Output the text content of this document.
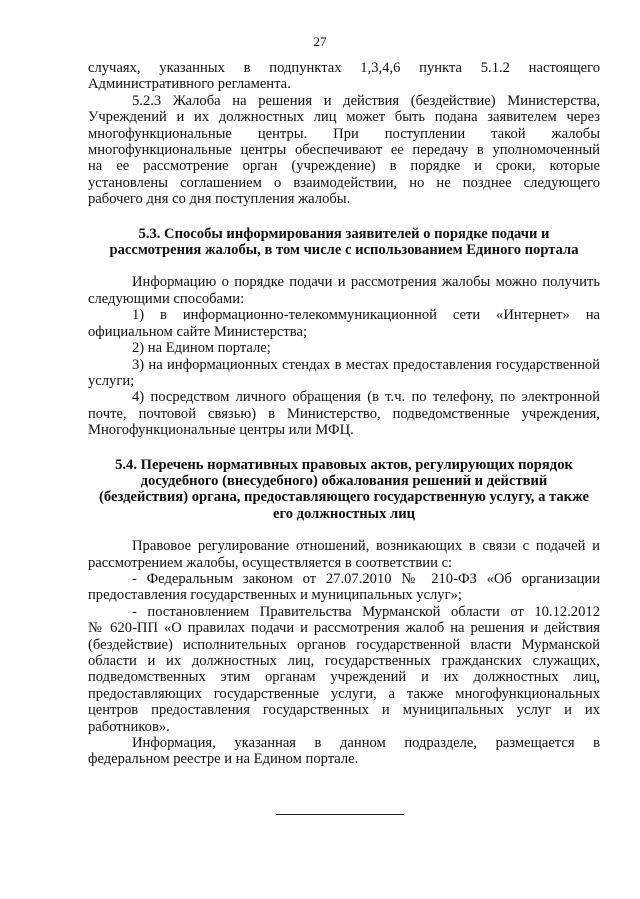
27

случаях, указанных в подпунктах 1,3,4,6 пункта 5.1.2 настоящего

Административного регламента.

5.2.3 Жалоба на решения и действия (бездействие) Министерства,

Учреждений и их должностных лиц может быть подана заявителем через

многофункциональные центры. При поступлении такой жалобы

многофункциональные центры обеспечивают ее передачу в уполномоченный

на ее рассмотрение орган (учреждение) в порядке и сроки, которые

установлены соглашением о взаимодействии, но не позднее следующего

рабочего дня со дня поступления жалобы.

5.3. Способы информирования заявителей о порядке подачи и

рассмотрения жалобы, в том числе с использованием Единого портала

Информацию о порядке подачи и рассмотрения жалобы можно получить

следующими способами:

1) в информационно-телекоммуникационной сети «Интернет» на

официальном сайте Министерства;

2) на Едином портале;

3) на информационных стендах в местах предоставления государственной

услуги;

4) посредством личного обращения (в т.ч. по телефону, по электронной

почте, почтовой связью) в Министерство, подведомственные учреждения,

Многофункциональные центры или МФЦ.

5.4. Перечень нормативных правовых актов, регулирующих порядок

досудебного (внесудебного) обжалования решений и действий

(бездействия) органа, предоставляющего государственную услугу, а также

его должностных лиц

Правовое регулирование отношений, возникающих в связи с подачей и

рассмотрением жалобы, осуществляется в соответствии с:

- Федеральным законом от 27.07.2010 № 210-ФЗ «Об организации

предоставления государственных и муниципальных услуг»;

- постановлением Правительства Мурманской области от 10.12.2012

№ 620-ПП «О правилах подачи и рассмотрения жалоб на решения и действия

(бездействие) исполнительных органов государственной власти Мурманской

области и их должностных лиц, государственных гражданских служащих,

подведомственных этим органам учреждений и их должностных лиц,

предоставляющих государственные услуги, а также многофункциональных

центров предоставления государственных и муниципальных услуг и их

работников».

Информация, указанная в данном подразделе, размещается в

федеральном реестре и на Едином портале.
